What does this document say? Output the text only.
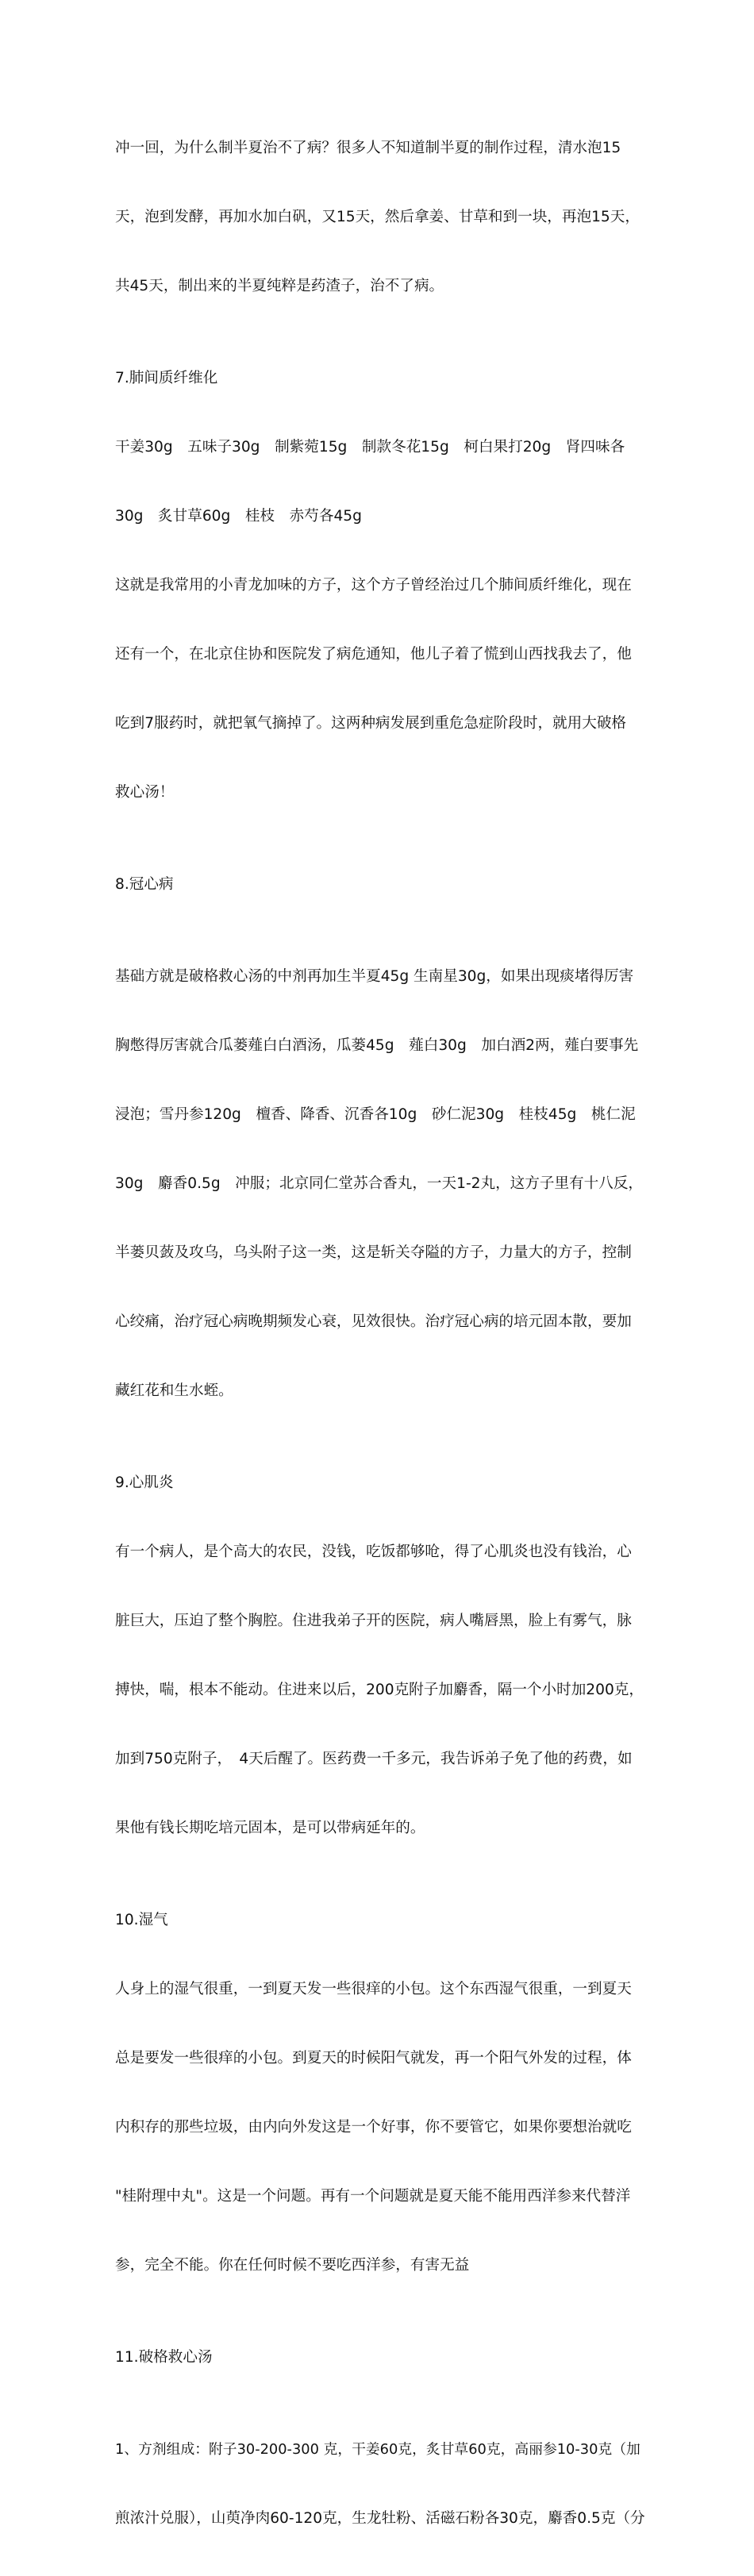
冲一回，为什么制半夏治不了病？很多人不知道制半夏的制作过程，清水泡15

天，泡到发酵，再加水加白矾，又15天，然后拿姜、甘草和到一块，再泡15天，

共45天，制出来的半夏纯粹是药渣子，治不了病。

7.肺间质纤维化

干姜30g　五味子30g　制紫菀15g　制款冬花15g　柯白果打20g　肾四味各

30g　炙甘草60g　桂枝　赤芍各45g

这就是我常用的小青龙加味的方子，这个方子曾经治过几个肺间质纤维化，现在

还有一个，在北京住协和医院发了病危通知，他儿子着了慌到山西找我去了，他

吃到7服药时，就把氧气摘掉了。这两种病发展到重危急症阶段时，就用大破格

救心汤！

8.冠心病

基础方就是破格救心汤的中剂再加生半夏45g 生南星30g，如果出现痰堵得厉害

胸憋得厉害就合瓜蒌薤白白酒汤，瓜蒌45g　薤白30g　加白酒2两，薤白要事先

浸泡；雪丹参120g　檀香、降香、沉香各10g　砂仁泥30g　桂枝45g　桃仁泥

30g　麝香0.5g　冲服；北京同仁堂苏合香丸，一天1-2丸，这方子里有十八反，

半蒌贝蔹及攻乌，乌头附子这一类，这是斩关夺隘的方子，力量大的方子，控制

心绞痛，治疗冠心病晚期频发心衰，见效很快。治疗冠心病的培元固本散，要加

藏红花和生水蛭。

9.心肌炎

有一个病人，是个高大的农民，没钱，吃饭都够呛，得了心肌炎也没有钱治，心

脏巨大，压迫了整个胸腔。住进我弟子开的医院，病人嘴唇黑，脸上有雾气，脉

搏快，喘，根本不能动。住进来以后，200克附子加麝香，隔一个小时加200克，

加到750克附子，　4天后醒了。医药费一千多元，我告诉弟子免了他的药费，如

果他有钱长期吃培元固本，是可以带病延年的。

10.湿气

人身上的湿气很重，一到夏天发一些很痒的小包。这个东西湿气很重，一到夏天

总是要发一些很痒的小包。到夏天的时候阳气就发，再一个阳气外发的过程，体

内积存的那些垃圾，由内向外发这是一个好事，你不要管它，如果你要想治就吃

"桂附理中丸"。这是一个问题。再有一个问题就是夏天能不能用西洋参来代替洋

参，完全不能。你在任何时候不要吃西洋参，有害无益

11.破格救心汤

1、方剂组成：附子30-200-300 克，干姜60克，炙甘草60克，高丽参10-30克（加

煎浓汁兑服），山萸净肉60-120克，生龙牡粉、活磁石粉各30克，麝香0.5克（分
